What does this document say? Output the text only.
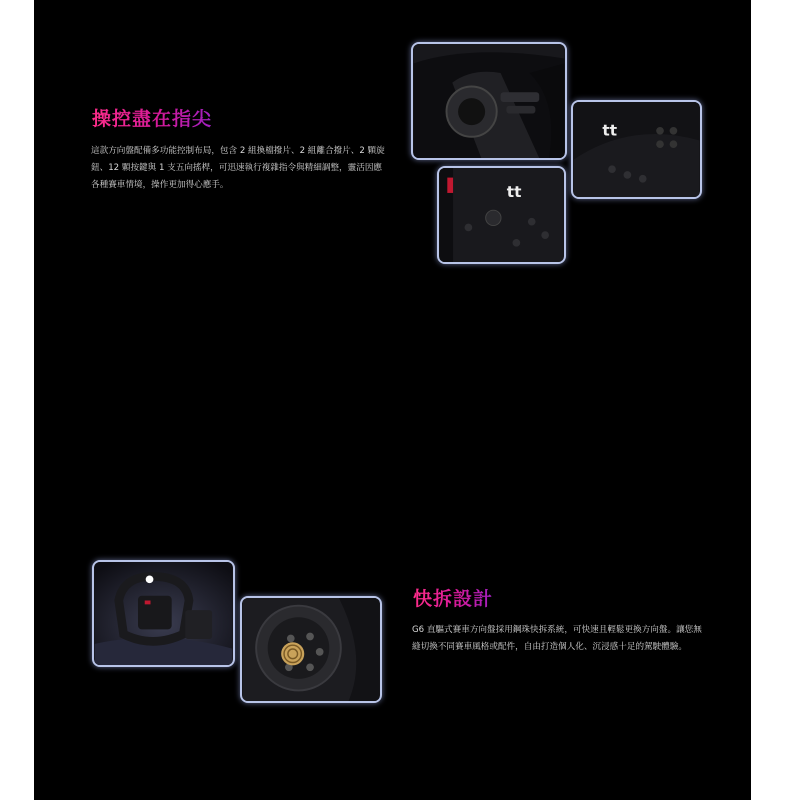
操控盡在指尖

這款方向盤配備多功能控制布局，包含 2 組換檔撥片、2 組離合撥片、2 顆旋鈕、12 顆按鍵與 1 支五向搖桿，可迅速執行複雜指令與精細調整，靈活因應各種賽車情境，操作更加得心應手。

tt
tt
快拆設計

G6 直驅式賽車方向盤採用鋼珠快拆系統，可快速且輕鬆更換方向盤。讓您無縫切換不同賽車風格或配件，自由打造個人化、沉浸感十足的駕駛體驗。
